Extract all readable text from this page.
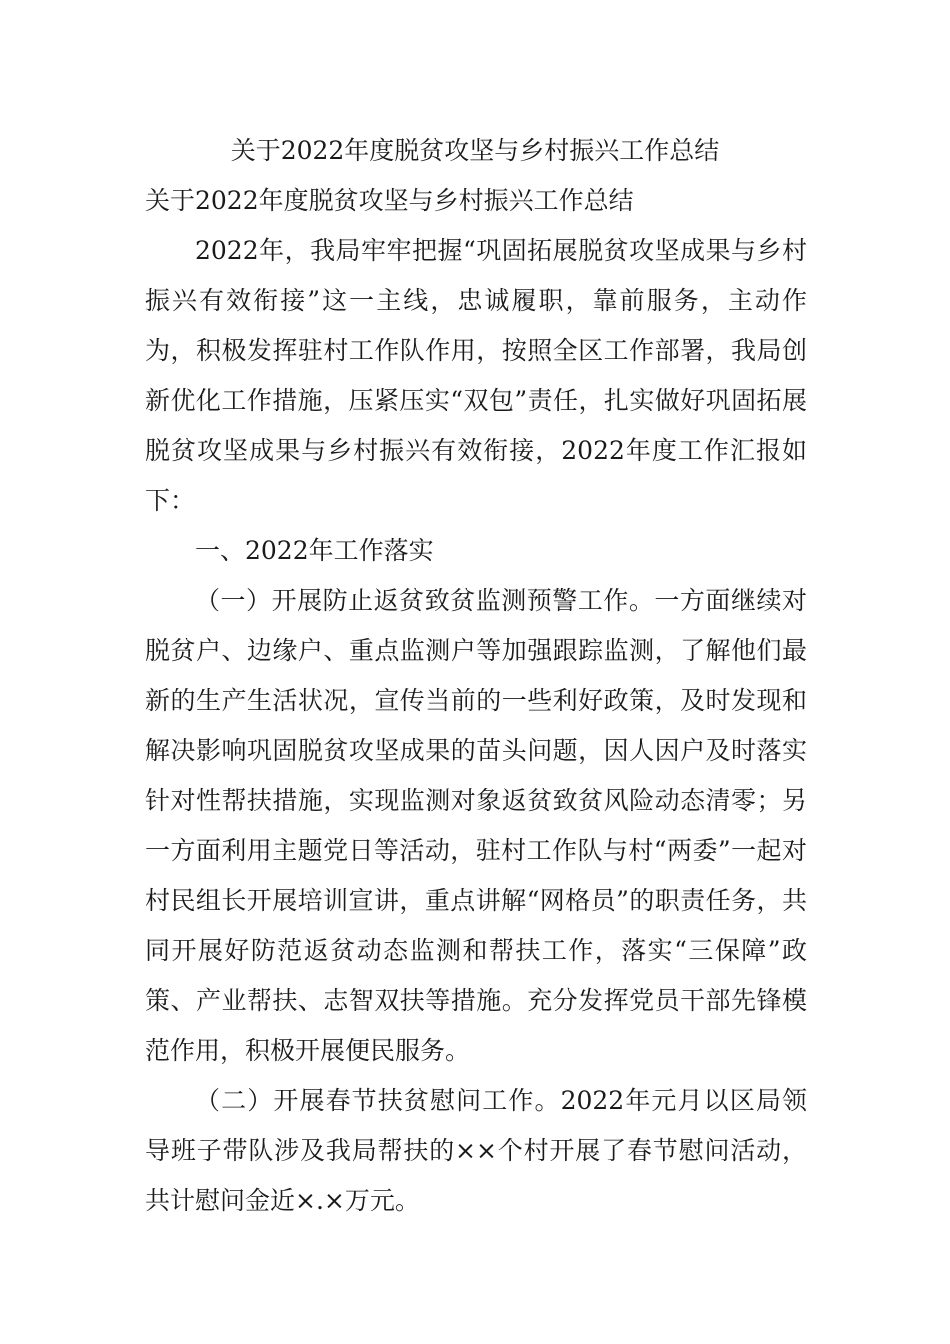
关于2022年度脱贫攻坚与乡村振兴工作总结

关于2022年度脱贫攻坚与乡村振兴工作总结

2022年，我局牢牢把握“巩固拓展脱贫攻坚成果与乡村振兴有效衔接”这一主线，忠诚履职，靠前服务，主动作为，积极发挥驻村工作队作用，按照全区工作部署，我局创新优化工作措施，压紧压实“双包”责任，扎实做好巩固拓展脱贫攻坚成果与乡村振兴有效衔接，2022年度工作汇报如下：

一、2022年工作落实

（一）开展防止返贫致贫监测预警工作。一方面继续对脱贫户、边缘户、重点监测户等加强跟踪监测，了解他们最新的生产生活状况，宣传当前的一些利好政策，及时发现和解决影响巩固脱贫攻坚成果的苗头问题，因人因户及时落实针对性帮扶措施，实现监测对象返贫致贫风险动态清零；另一方面利用主题党日等活动，驻村工作队与村“两委”一起对村民组长开展培训宣讲，重点讲解“网格员”的职责任务，共同开展好防范返贫动态监测和帮扶工作，落实“三保障”政策、产业帮扶、志智双扶等措施。充分发挥党员干部先锋模范作用，积极开展便民服务。

（二）开展春节扶贫慰问工作。2022年元月以区局领导班子带队涉及我局帮扶的××个村开展了春节慰问活动，共计慰问金近×.×万元。
